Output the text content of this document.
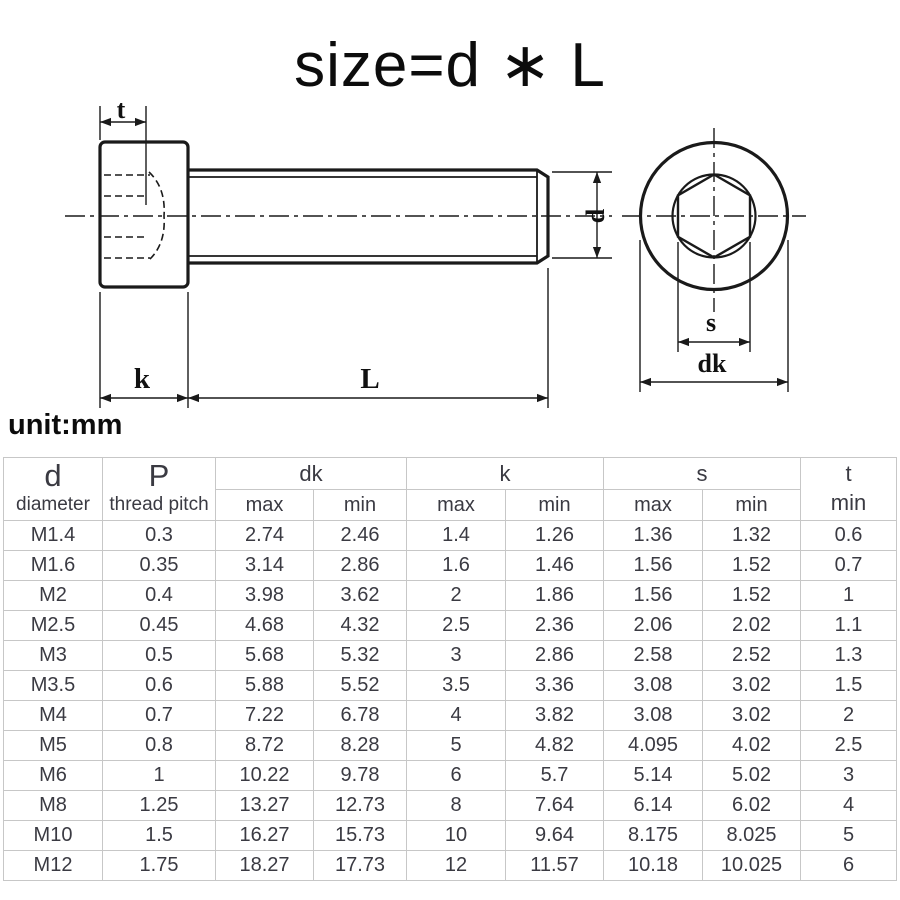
size=d ∗ L
t
d
k	L
s
dk
unit:mm
d
diameter

P
thread pitch
	dk	k	s	t
min

		max	min	max	min	max	min	
M1.4	0.3	2.74	2.46	1.4	1.26	1.36	1.32	0.6
M1.6	0.35	3.14	2.86	1.6	1.46	1.56	1.52	0.7
M2	0.4	3.98	3.62	2	1.86	1.56	1.52	1
M2.5	0.45	4.68	4.32	2.5	2.36	2.06	2.02	1.1
M3	0.5	5.68	5.32	3	2.86	2.58	2.52	1.3
M3.5	0.6	5.88	5.52	3.5	3.36	3.08	3.02	1.5
M4	0.7	7.22	6.78	4	3.82	3.08	3.02	2
M5	0.8	8.72	8.28	5	4.82	4.095	4.02	2.5
M6	1	10.22	9.78	6	5.7	5.14	5.02	3
M8	1.25	13.27	12.73	8	7.64	6.14	6.02	4
M10	1.5	16.27	15.73	10	9.64	8.175	8.025	5
M12	1.75	18.27	17.73	12	11.57	10.18	10.025	6
